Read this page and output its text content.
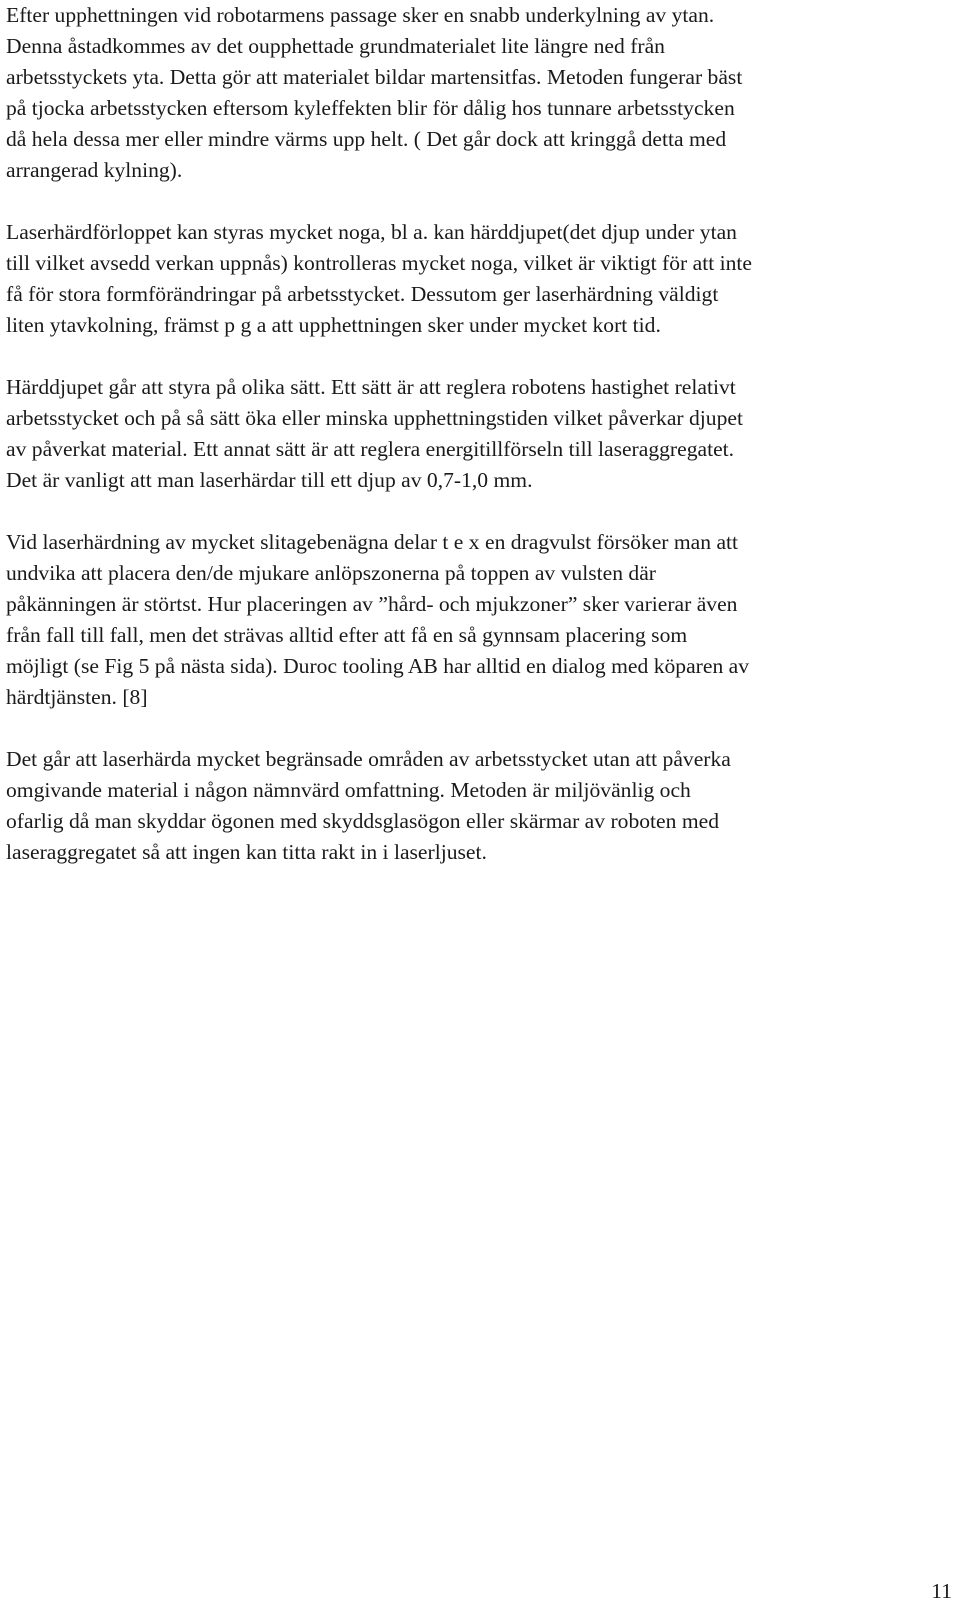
Efter upphettningen vid robotarmens passage sker en snabb underkylning av ytan.
Denna åstadkommes av det oupphettade grundmaterialet lite längre ned från
arbetsstyckets yta. Detta gör att materialet bildar martensitfas. Metoden fungerar bäst
på tjocka arbetsstycken eftersom kyleffekten blir för dålig hos tunnare arbetsstycken
då hela dessa mer eller mindre värms upp helt. ( Det går dock att kringgå detta med
arrangerad kylning).

Laserhärdförloppet kan styras mycket noga, bl a. kan härddjupet(det djup under ytan
till vilket avsedd verkan uppnås) kontrolleras mycket noga, vilket är viktigt för att inte
få för stora formförändringar på arbetsstycket. Dessutom ger laserhärdning väldigt
liten ytavkolning, främst p g a att upphettningen sker under mycket kort tid.

Härddjupet går att styra på olika sätt. Ett sätt är att reglera robotens hastighet relativt
arbetsstycket och på så sätt öka eller minska upphettningstiden vilket påverkar djupet
av påverkat material. Ett annat sätt är att reglera energitillförseln till laseraggregatet.
Det är vanligt att man laserhärdar till ett djup av 0,7-1,0 mm.

Vid laserhärdning av mycket slitagebenägna delar t e x en dragvulst försöker man att
undvika att placera den/de mjukare anlöpszonerna på toppen av vulsten där
påkänningen är störtst. Hur placeringen av ”hård- och mjukzoner” sker varierar även
från fall till fall, men det strävas alltid efter att få en så gynnsam placering som
möjligt (se Fig 5 på nästa sida). Duroc tooling AB har alltid en dialog med köparen av
härdtjänsten. [8]

Det går att laserhärda mycket begränsade områden av arbetsstycket utan att påverka
omgivande material i någon nämnvärd omfattning. Metoden är miljövänlig och
ofarlig då man skyddar ögonen med skyddsglasögon eller skärmar av roboten med
laseraggregatet så att ingen kan titta rakt in i laserljuset.

11
